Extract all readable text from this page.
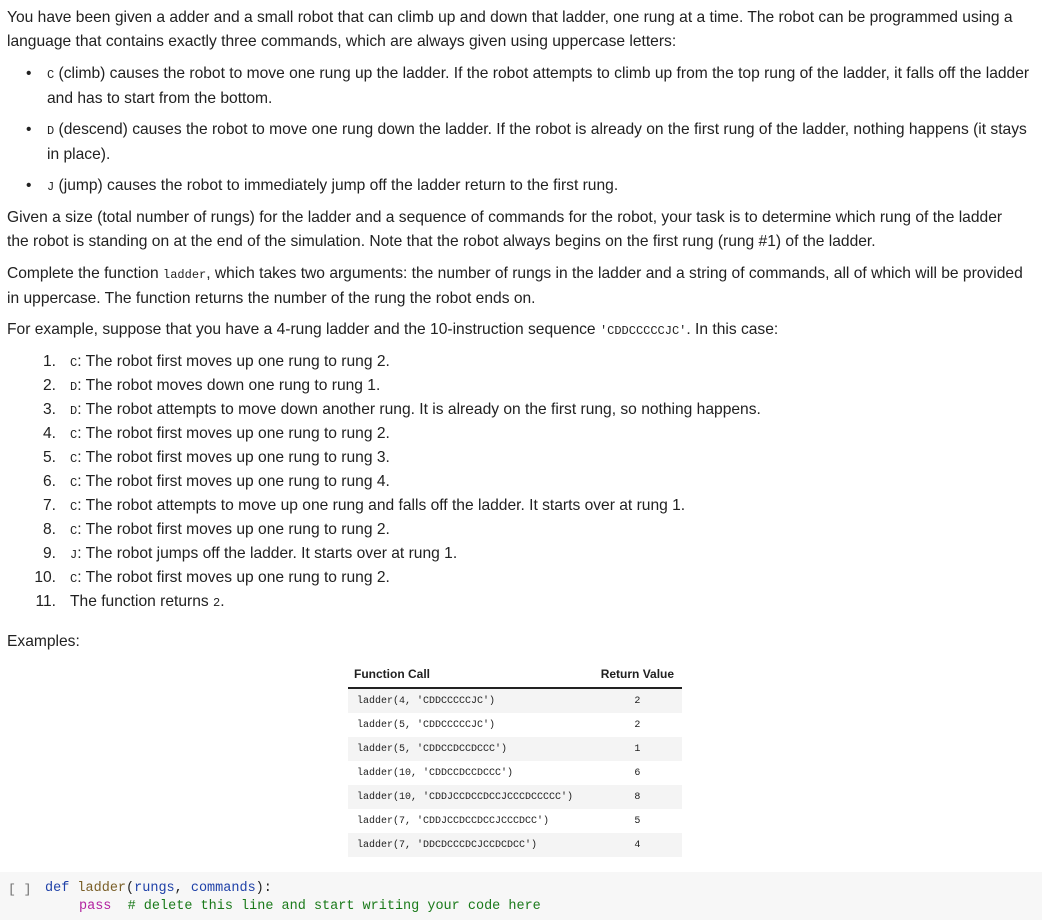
You have been given a adder and a small robot that can climb up and down that ladder, one rung at a time. The robot can be programmed using a language that contains exactly three commands, which are always given using uppercase letters:

• C (climb) causes the robot to move one rung up the ladder. If the robot attempts to climb up from the top rung of the ladder, it falls off the ladder and has to start from the bottom.
• D (descend) causes the robot to move one rung down the ladder. If the robot is already on the first rung of the ladder, nothing happens (it stays in place).
• J (jump) causes the robot to immediately jump off the ladder return to the first rung.

Given a size (total number of rungs) for the ladder and a sequence of commands for the robot, your task is to determine which rung of the ladder the robot is standing on at the end of the simulation. Note that the robot always begins on the first rung (rung #1) of the ladder.

Complete the function ladder, which takes two arguments: the number of rungs in the ladder and a string of commands, all of which will be provided in uppercase. The function returns the number of the rung the robot ends on.

For example, suppose that you have a 4-rung ladder and the 10-instruction sequence 'CDDCCCCCJC'. In this case:

1. C: The robot first moves up one rung to rung 2.
2. D: The robot moves down one rung to rung 1.
3. D: The robot attempts to move down another rung. It is already on the first rung, so nothing happens.
4. C: The robot first moves up one rung to rung 2.
5. C: The robot first moves up one rung to rung 3.
6. C: The robot first moves up one rung to rung 4.
7. C: The robot attempts to move up one rung and falls off the ladder. It starts over at rung 1.
8. C: The robot first moves up one rung to rung 2.
9. J: The robot jumps off the ladder. It starts over at rung 1.
10. C: The robot first moves up one rung to rung 2.
11. The function returns 2.
Examples:
Function Call	Return Value
ladder(4, 'CDDCCCCCJC')	2
ladder(5, 'CDDCCCCCJC')	2
ladder(5, 'CDDCCDCCDCCC')	1
ladder(10, 'CDDCCDCCDCCC')	6
ladder(10, 'CDDJCCDCCDCCJCCCDCCCCC')	8
ladder(7, 'CDDJCCDCCDCCJCCCDCC')	5
ladder(7, 'DDCDCCCDCJCCDCDCC')	4
[ ] def ladder(rungs, commands):
pass # delete this line and start writing your code here
